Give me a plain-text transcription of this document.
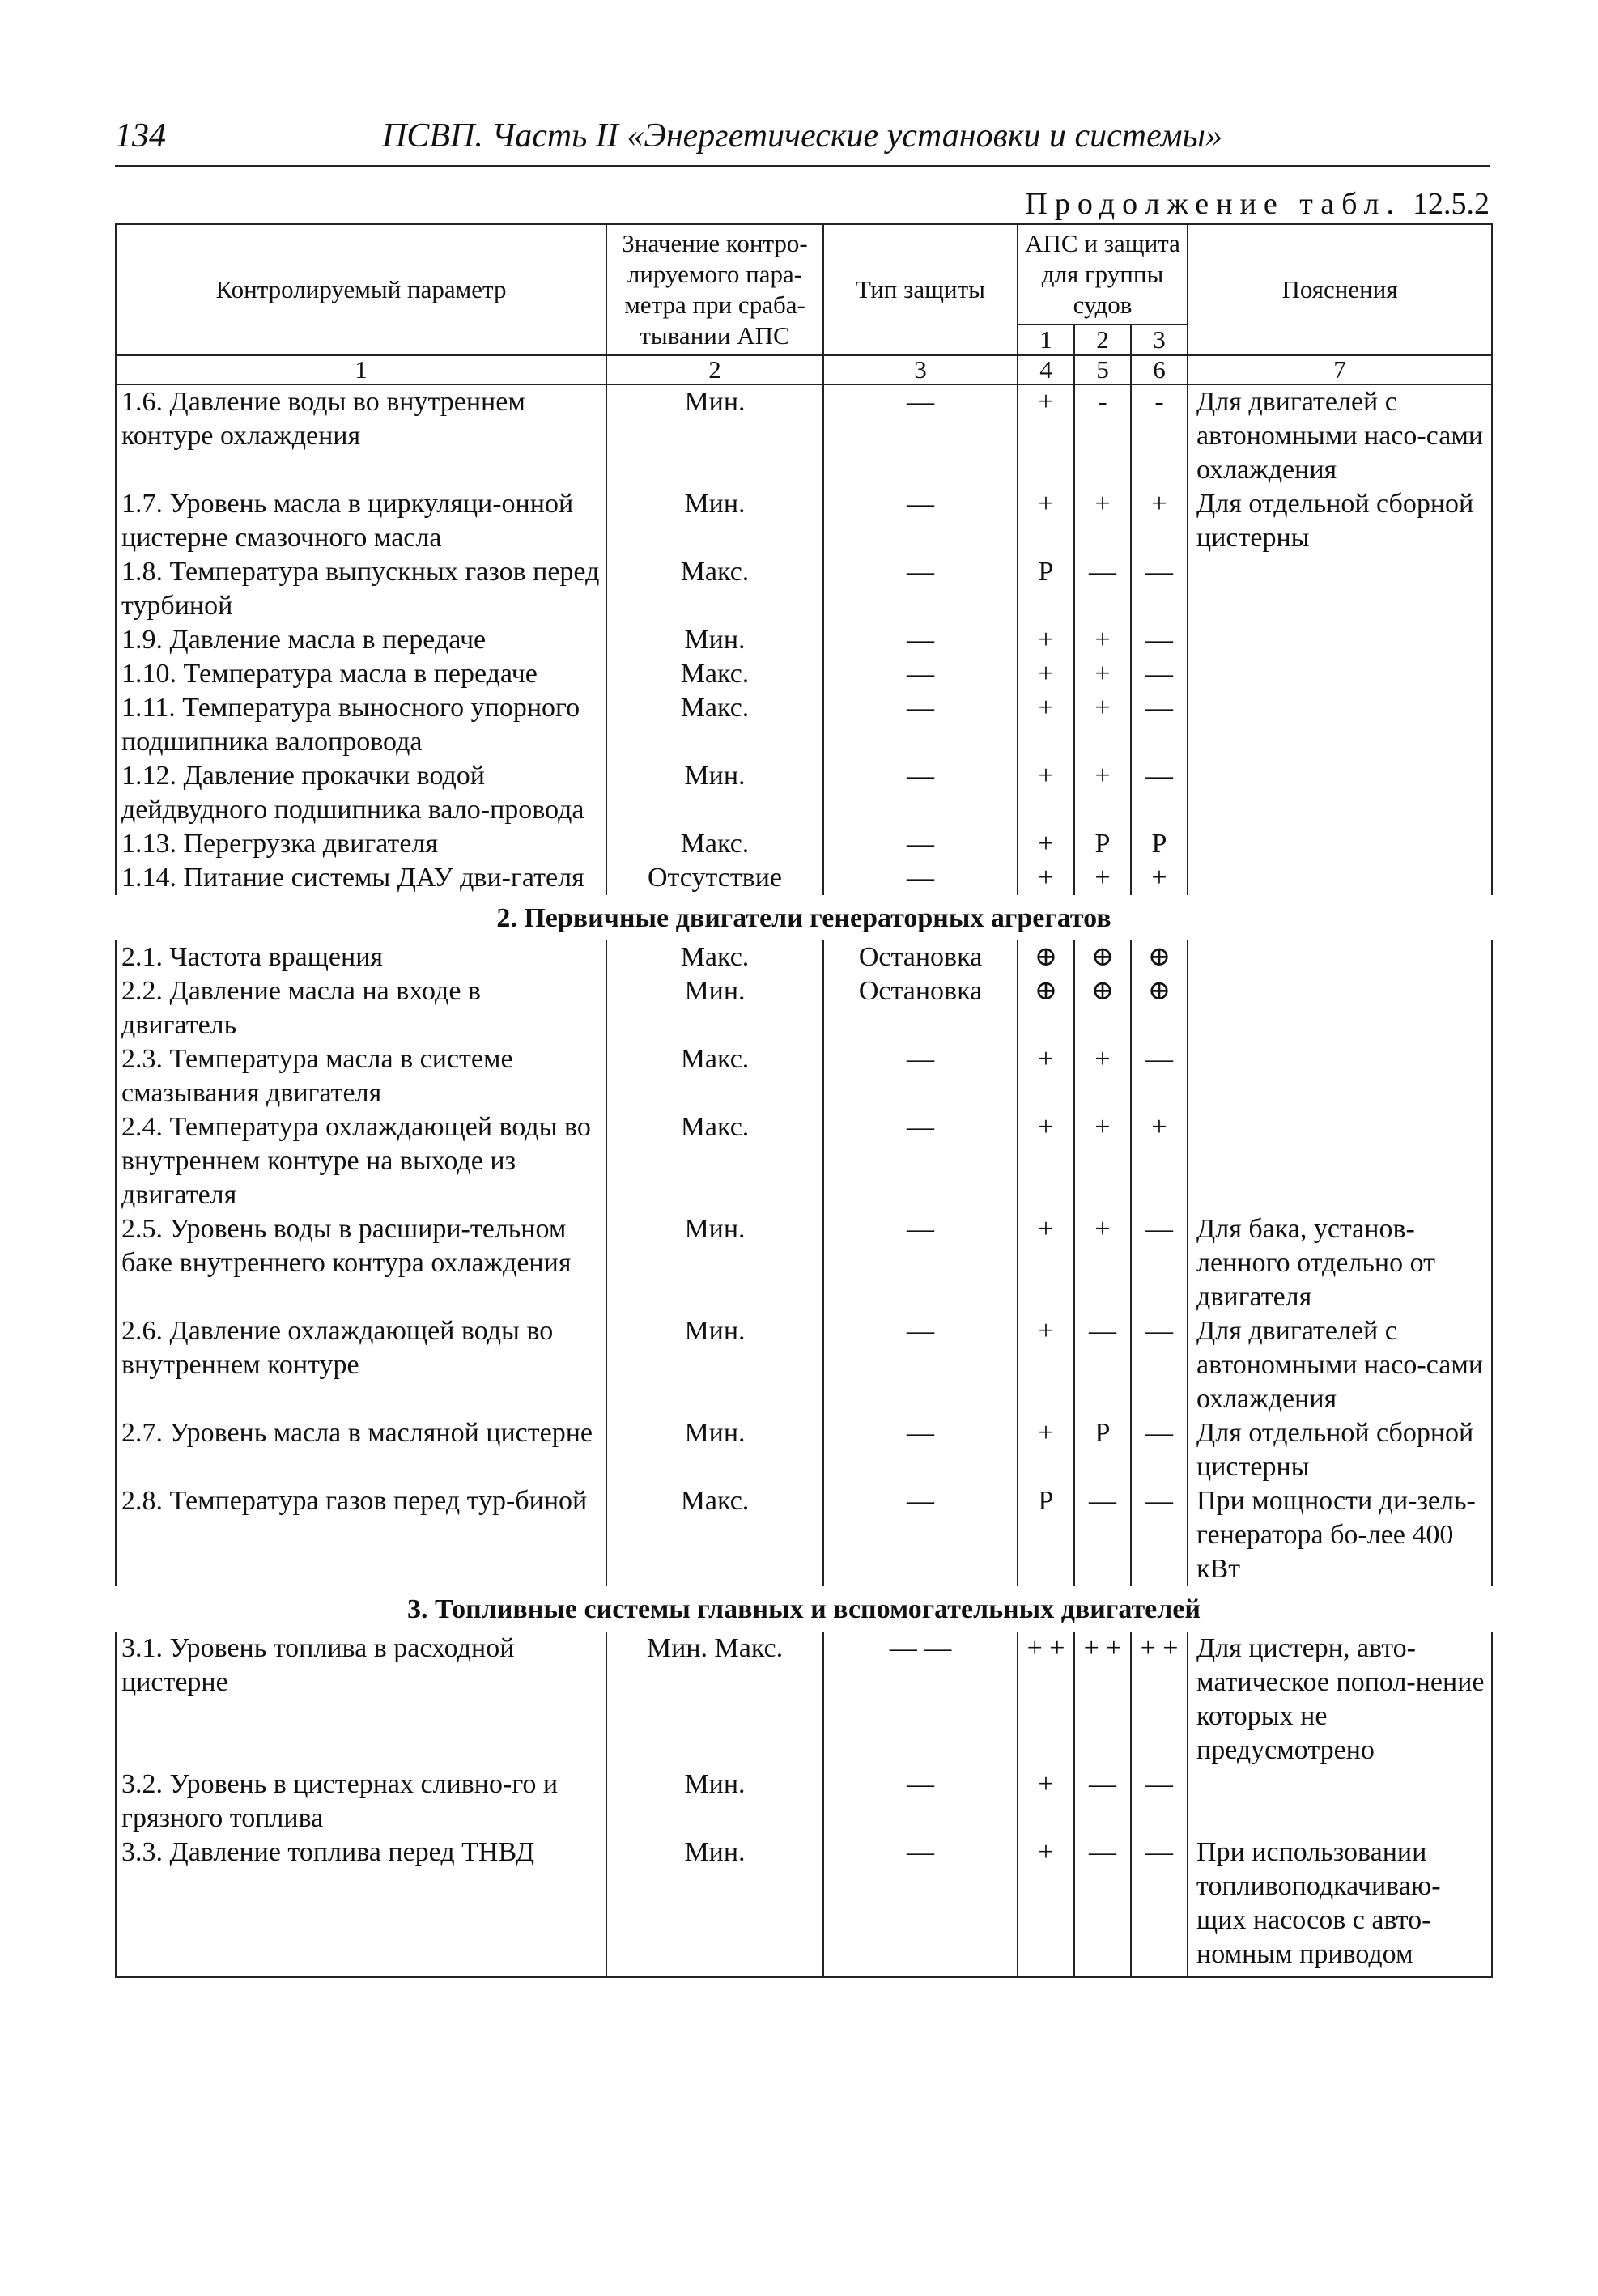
134	ПСВП. Часть II «Энергетические установки и системы»
Продолжение табл. 12.5.2
Контролируемый параметр	Значение контро-лируемого пара-метра при сраба-тывании АПС	Тип защиты	АПС и защита для группы судов			Пояснения
			1	2	3	
1	2	3	4	5	6	7
1.6. Давление воды во внутреннем контуре охлаждения	Мин.	—	+	-	-	Для двигателей с автономными насо-сами охлаждения
1.7. Уровень масла в циркуляци-онной цистерне смазочного масла	Мин.	—	+	+	+	Для отдельной сборной цистерны
1.8. Температура выпускных газов перед турбиной	Макс.	—	Р	—	—	
1.9. Давление масла в передаче	Мин.	—	+	+	—	
1.10. Температура масла в передаче	Макс.	—	+	+	—	
1.11. Температура выносного упорного подшипника валопровода	Макс.	—	+	+	—	
1.12. Давление прокачки водой дейдвудного подшипника вало-провода	Мин.	—	+	+	—	
1.13. Перегрузка двигателя	Макс.	—	+	Р	Р	
1.14. Питание системы ДАУ дви-гателя	Отсутствие	—	+	+	+	
2. Первичные двигатели генераторных агрегатов						
2.1. Частота вращения	Макс.	Остановка	⊕	⊕	⊕	
2.2. Давление масла на входе в двигатель	Мин.	Остановка	⊕	⊕	⊕	
2.3. Температура масла в системе смазывания двигателя	Макс.	—	+	+	—	
2.4. Температура охлаждающей воды во внутреннем контуре на выходе из двигателя	Макс.	—	+	+	+	
2.5. Уровень воды в расшири-тельном баке внутреннего контура охлаждения	Мин.	—	+	+	—	Для бака, установ-ленного отдельно от двигателя
2.6. Давление охлаждающей воды во внутреннем контуре	Мин.	—	+	—	—	Для двигателей с автономными насо-сами охлаждения
2.7. Уровень масла в масляной цистерне	Мин.	—	+	Р	—	Для отдельной сборной цистерны
2.8. Температура газов перед тур-биной	Макс.	—	Р	—	—	При мощности ди-зель-генератора бо-лее 400 кВт
3. Топливные системы главных и вспомогательных двигателей						
3.1. Уровень топлива в расходной цистерне	Мин. Макс.	— —	+ +	+ +	+ +	Для цистерн, авто-матическое попол-нение которых не предусмотрено
3.2. Уровень в цистернах сливно-го и грязного топлива	Мин.	—	+	—	—	
3.3. Давление топлива перед ТНВД	Мин.	—	+	—	—	При использовании топливоподкачиваю-щих насосов с авто-номным приводом
